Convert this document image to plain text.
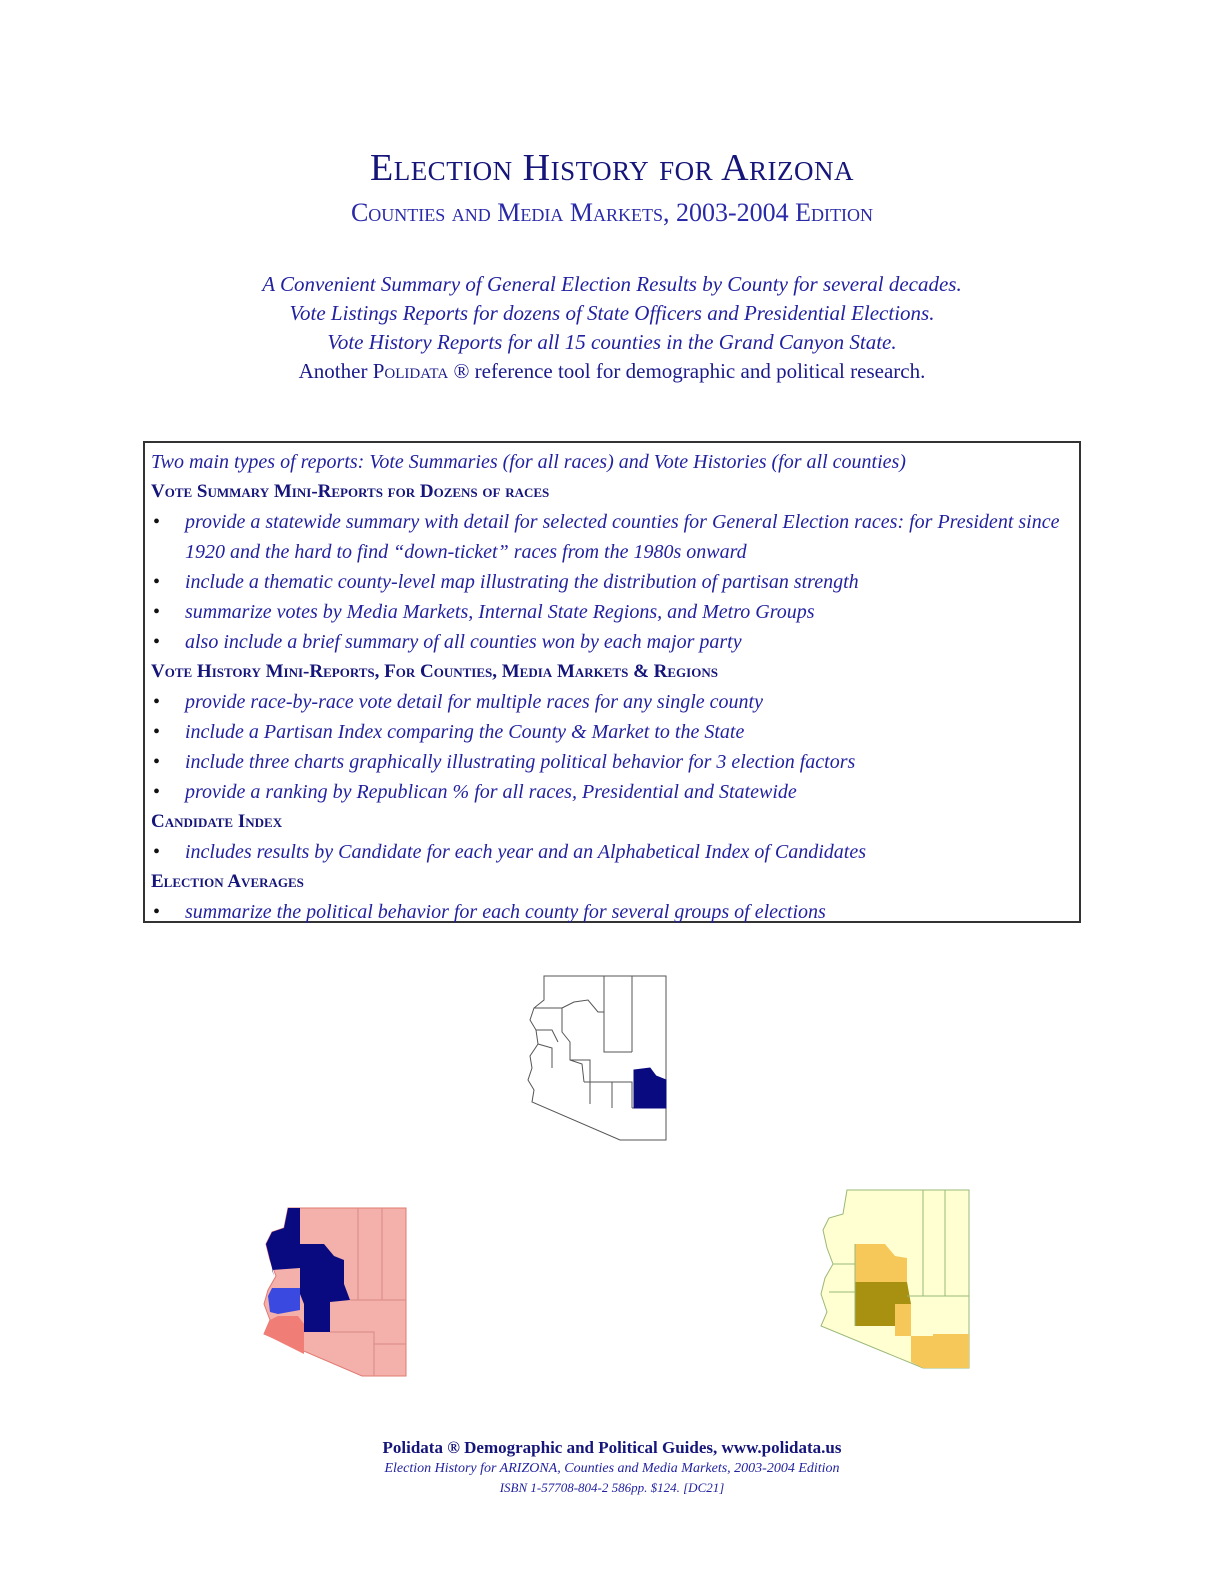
Election History for Arizona
Counties and Media Markets, 2003-2004 Edition
A Convenient Summary of General Election Results by County for several decades.
Vote Listings Reports for dozens of State Officers and Presidential Elections.
Vote History Reports for all 15 counties in the Grand Canyon State.
Another Polidata ® reference tool for demographic and political research.
Two main types of reports: Vote Summaries (for all races) and Vote Histories (for all counties)
Vote Summary Mini-Reports for Dozens of races
• provide a statewide summary with detail for selected counties for General Election races: for President since 1920 and the hard to find “down-ticket” races from the 1980s onward
• include a thematic county-level map illustrating the distribution of partisan strength
• summarize votes by Media Markets, Internal State Regions, and Metro Groups
• also include a brief summary of all counties won by each major party
Vote History Mini-Reports, For Counties, Media Markets & Regions
• provide race-by-race vote detail for multiple races for any single county
• include a Partisan Index comparing the County & Market to the State
• include three charts graphically illustrating political behavior for 3 election factors
• provide a ranking by Republican % for all races, Presidential and Statewide
Candidate Index
• includes results by Candidate for each year and an Alphabetical Index of Candidates
Election Averages
• summarize the political behavior for each county for several groups of elections
Polidata ® Demographic and Political Guides, www.polidata.us
Election History for ARIZONA, Counties and Media Markets, 2003-2004 Edition
ISBN 1-57708-804-2 586pp. $124. [DC21]
